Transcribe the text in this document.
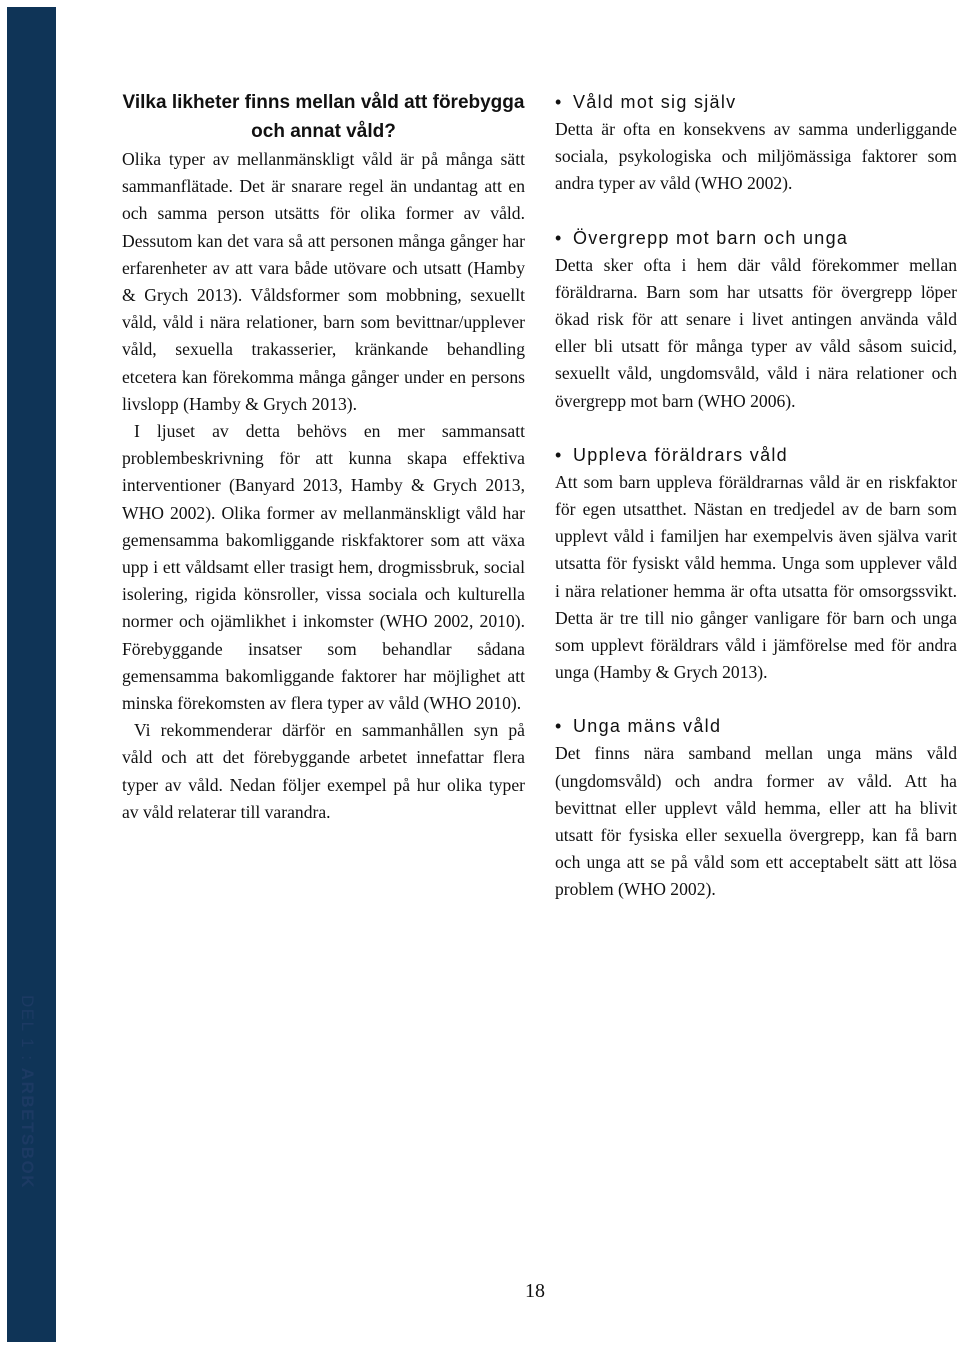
DEL 1 : ARBETSBOK
Vilka likheter finns mellan våld att förebygga och annat våld?

Olika typer av mellanmänskligt våld är på många sätt sammanflätade. Det är snarare regel än undantag att en och samma person utsätts för olika former av våld. Dessutom kan det vara så att personen många gånger har erfarenheter av att vara både utövare och utsatt (Hamby & Grych 2013). Våldsformer som mobbning, sexuellt våld, våld i nära relationer, barn som bevittnar/upplever våld, sexuella trakasserier, kränkande behandling etcetera kan förekomma många gånger under en persons livslopp (Hamby & Grych 2013).

I ljuset av detta behövs en mer sammansatt problembeskrivning för att kunna skapa effektiva interventioner (Banyard 2013, Hamby & Grych 2013, WHO 2002). Olika former av mellanmänskligt våld har gemensamma bakomliggande riskfaktorer som att växa upp i ett våldsamt eller trasigt hem, drogmissbruk, social isolering, rigida könsroller, vissa sociala och kulturella normer och ojämlikhet i inkomster (WHO 2002, 2010). Förebyggande insatser som behandlar sådana gemensamma bakomliggande faktorer har möjlighet att minska förekomsten av flera typer av våld (WHO 2010).

Vi rekommenderar därför en sammanhållen syn på våld och att det förebyggande arbetet innefattar flera typer av våld. Nedan följer exempel på hur olika typer av våld relaterar till varandra.

• Våld mot sig själv

Detta är ofta en konsekvens av samma underliggande sociala, psykologiska och miljömässiga faktorer som andra typer av våld (WHO 2002).

• Övergrepp mot barn och unga

Detta sker ofta i hem där våld förekommer mellan föräldrarna. Barn som har utsatts för övergrepp löper ökad risk för att senare i livet antingen använda våld eller bli utsatt för många typer av våld såsom suicid, sexuellt våld, ungdomsvåld, våld i nära relationer och övergrepp mot barn (WHO 2006).

• Uppleva föräldrars våld

Att som barn uppleva föräldrarnas våld är en riskfaktor för egen utsatthet. Nästan en tredjedel av de barn som upplevt våld i familjen har exempelvis även själva varit utsatta för fysiskt våld hemma. Unga som upplever våld i nära relationer hemma är ofta utsatta för omsorgssvikt. Detta är tre till nio gånger vanligare för barn och unga som upplevt föräldrars våld i jämförelse med för andra unga (Hamby & Grych 2013).

• Unga mäns våld

Det finns nära samband mellan unga mäns våld (ungdomsvåld) och andra former av våld. Att ha bevittnat eller upplevt våld hemma, eller att ha blivit utsatt för fysiska eller sexuella övergrepp, kan få barn och unga att se på våld som ett acceptabelt sätt att lösa problem (WHO 2002).

18
